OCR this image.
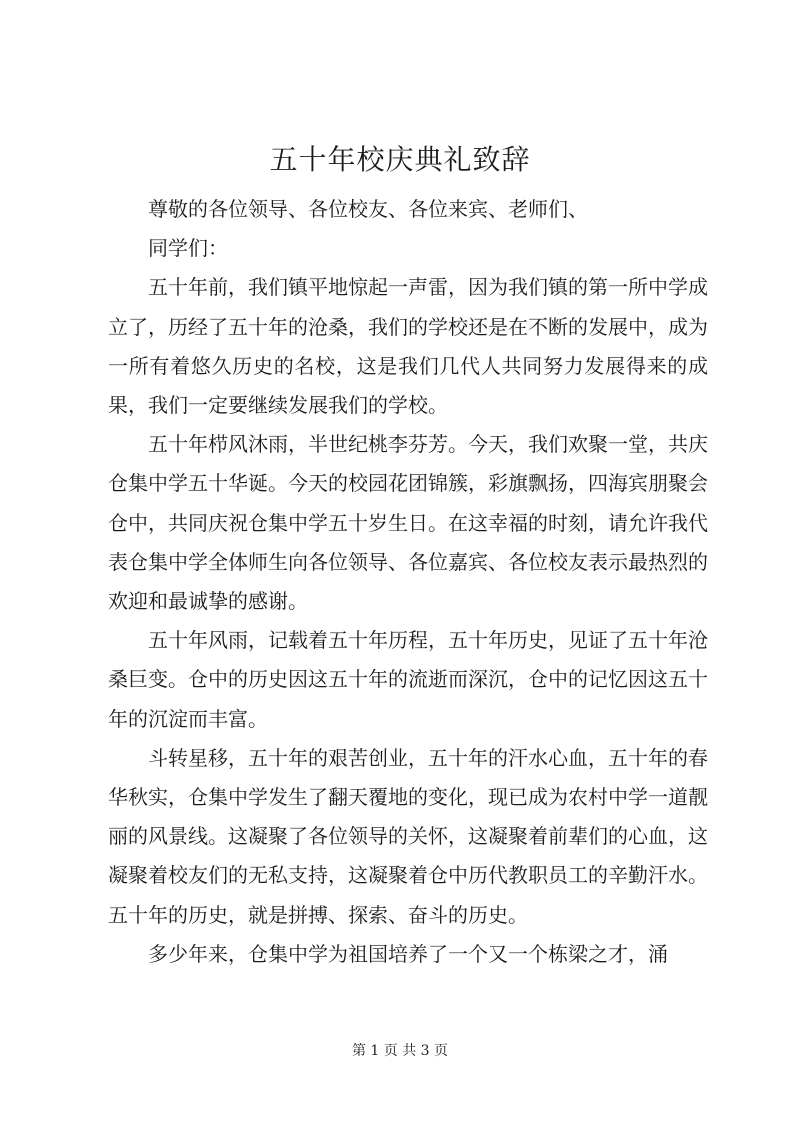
五十年校庆典礼致辞

尊敬的各位领导、各位校友、各位来宾、老师们、

同学们：

五十年前，我们镇平地惊起一声雷，因为我们镇的第一所中学成立了，历经了五十年的沧桑，我们的学校还是在不断的发展中，成为一所有着悠久历史的名校，这是我们几代人共同努力发展得来的成果，我们一定要继续发展我们的学校。

五十年栉风沐雨，半世纪桃李芬芳。今天，我们欢聚一堂，共庆仓集中学五十华诞。今天的校园花团锦簇，彩旗飘扬，四海宾朋聚会仓中，共同庆祝仓集中学五十岁生日。在这幸福的时刻，请允许我代表仓集中学全体师生向各位领导、各位嘉宾、各位校友表示最热烈的欢迎和最诚挚的感谢。

五十年风雨，记载着五十年历程，五十年历史，见证了五十年沧桑巨变。仓中的历史因这五十年的流逝而深沉，仓中的记忆因这五十年的沉淀而丰富。

斗转星移，五十年的艰苦创业，五十年的汗水心血，五十年的春华秋实，仓集中学发生了翻天覆地的变化，现已成为农村中学一道靓丽的风景线。这凝聚了各位领导的关怀，这凝聚着前辈们的心血，这凝聚着校友们的无私支持，这凝聚着仓中历代教职员工的辛勤汗水。五十年的历史，就是拼搏、探索、奋斗的历史。

多少年来，仓集中学为祖国培养了一个又一个栋梁之才，涌

第 1 页 共 3 页
